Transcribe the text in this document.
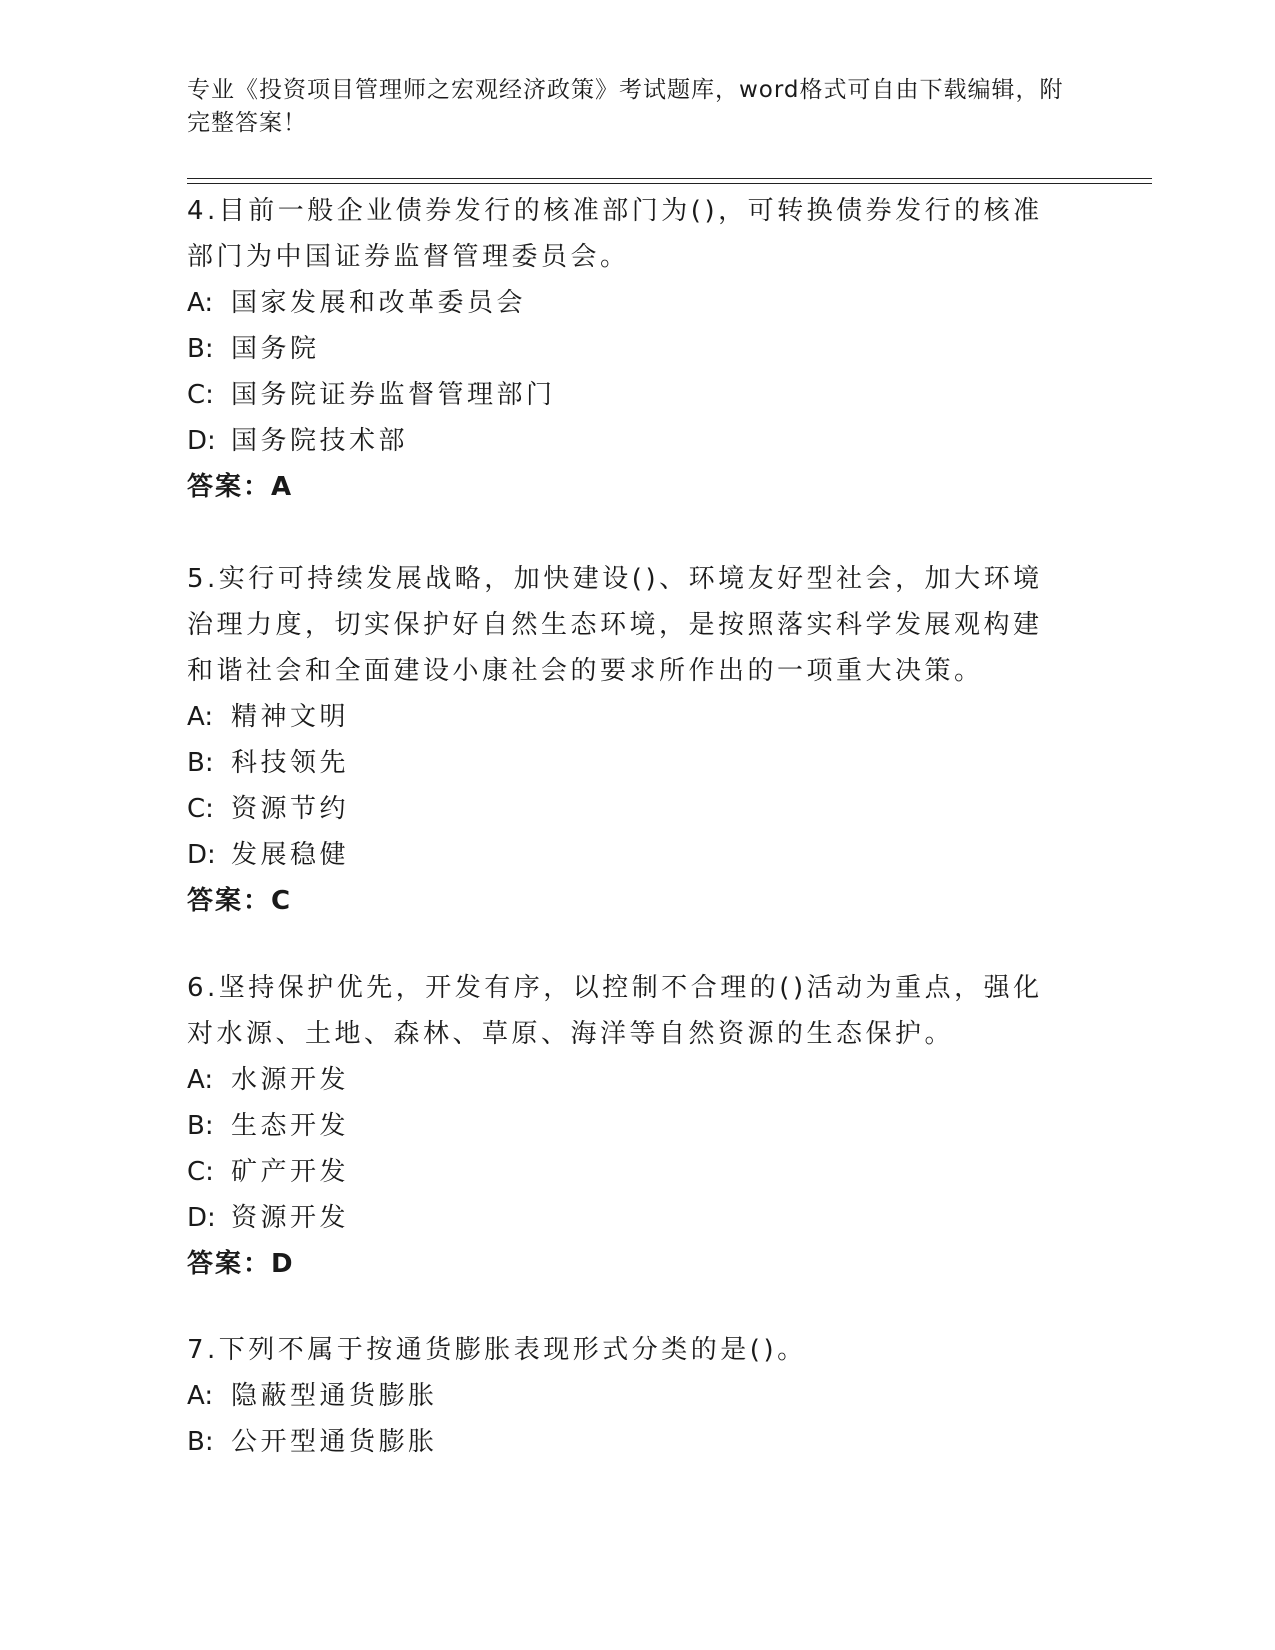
专业《投资项目管理师之宏观经济政策》考试题库，word格式可自由下载编辑，附完整答案！

4.目前一般企业债券发行的核准部门为()，可转换债券发行的核准部门为中国证券监督管理委员会。

A: 国家发展和改革委员会

B: 国务院

C: 国务院证券监督管理部门

D: 国务院技术部

答案：A

5.实行可持续发展战略，加快建设()、环境友好型社会，加大环境治理力度，切实保护好自然生态环境，是按照落实科学发展观构建和谐社会和全面建设小康社会的要求所作出的一项重大决策。

A: 精神文明

B: 科技领先

C: 资源节约

D: 发展稳健

答案：C

6.坚持保护优先，开发有序，以控制不合理的()活动为重点，强化对水源、土地、森林、草原、海洋等自然资源的生态保护。

A: 水源开发

B: 生态开发

C: 矿产开发

D: 资源开发

答案：D

7.下列不属于按通货膨胀表现形式分类的是()。

A: 隐蔽型通货膨胀

B: 公开型通货膨胀
